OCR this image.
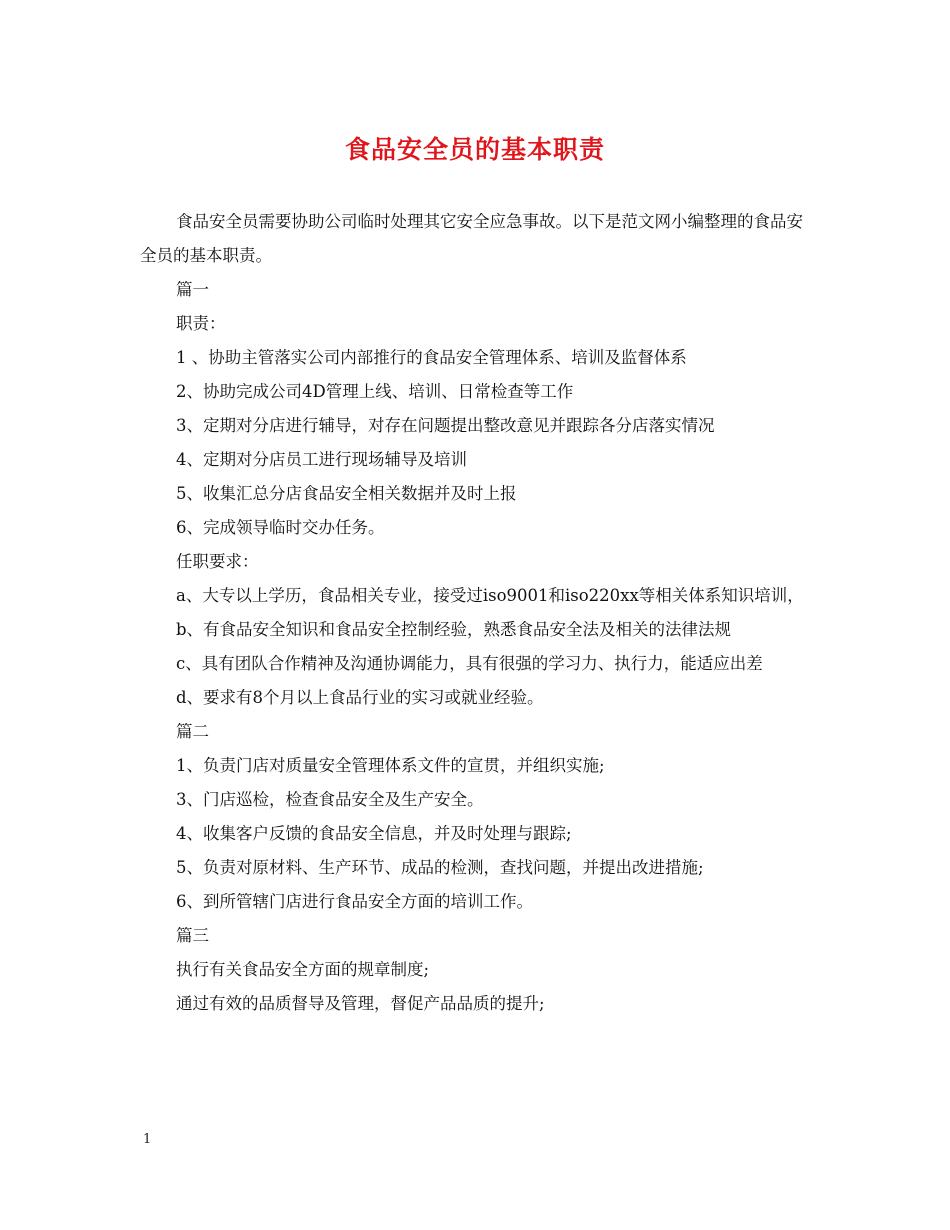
食品安全员的基本职责

食品安全员需要协助公司临时处理其它安全应急事故。以下是范文网小编整理的食品安全员的基本职责。

篇一

职责：

1 、协助主管落实公司内部推行的食品安全管理体系、培训及监督体系

2、协助完成公司4D管理上线、培训、日常检查等工作

3、定期对分店进行辅导，对存在问题提出整改意见并跟踪各分店落实情况

4、定期对分店员工进行现场辅导及培训

5、收集汇总分店食品安全相关数据并及时上报

6、完成领导临时交办任务。

任职要求：

a、大专以上学历，食品相关专业，接受过iso9001和iso220xx等相关体系知识培训，

b、有食品安全知识和食品安全控制经验，熟悉食品安全法及相关的法律法规

c、具有团队合作精神及沟通协调能力，具有很强的学习力、执行力，能适应出差

d、要求有8个月以上食品行业的实习或就业经验。

篇二

1、负责门店对质量安全管理体系文件的宣贯，并组织实施;

3、门店巡检，检查食品安全及生产安全。

4、收集客户反馈的食品安全信息，并及时处理与跟踪;

5、负责对原材料、生产环节、成品的检测，查找问题，并提出改进措施;

6、到所管辖门店进行食品安全方面的培训工作。

篇三

执行有关食品安全方面的规章制度;

通过有效的品质督导及管理，督促产品品质的提升;

1
